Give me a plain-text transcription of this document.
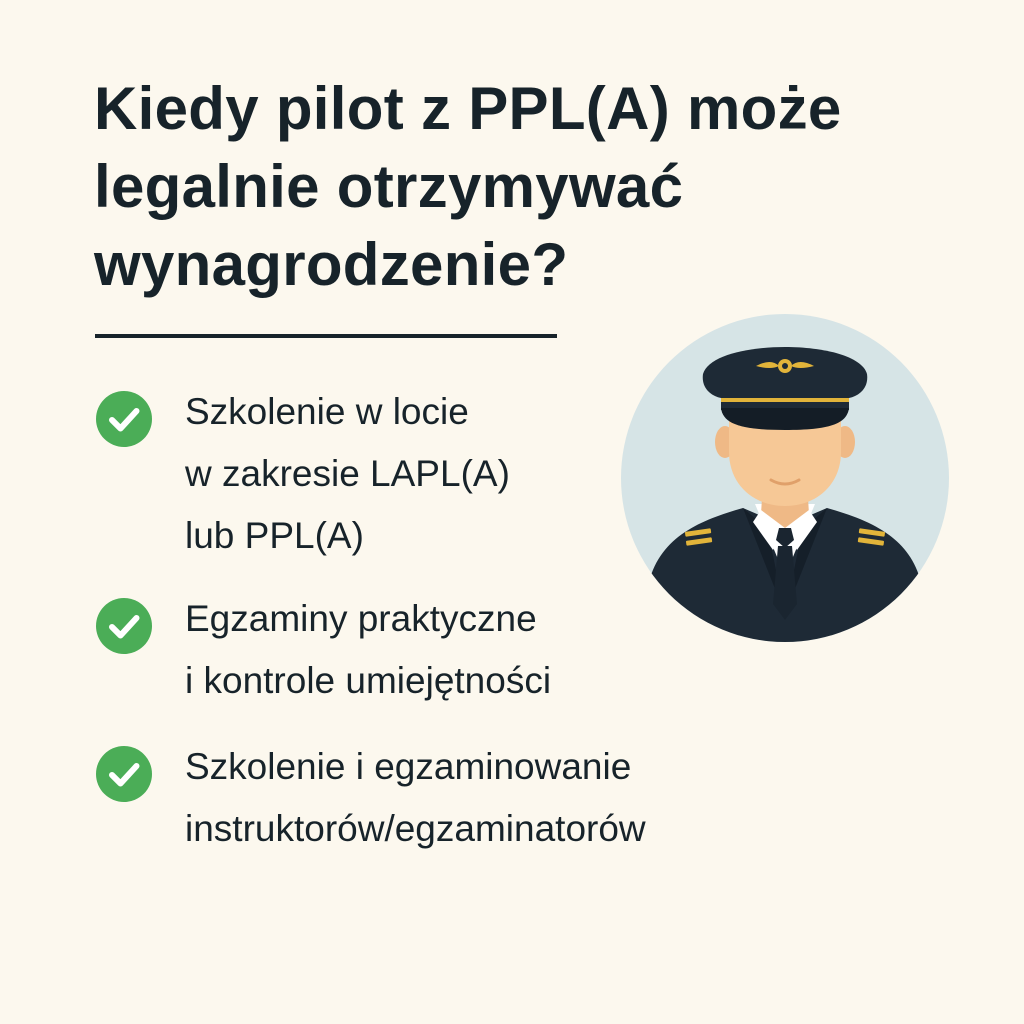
Kiedy pilot z PPL(A) może
legalnie otrzymywać
wynagrodzenie?
Szkolenie w locie
w zakresie LAPL(A)
lub PPL(A)
Egzaminy praktyczne
i kontrole umiejętności
Szkolenie i egzaminowanie
instruktorów/egzaminatorów
